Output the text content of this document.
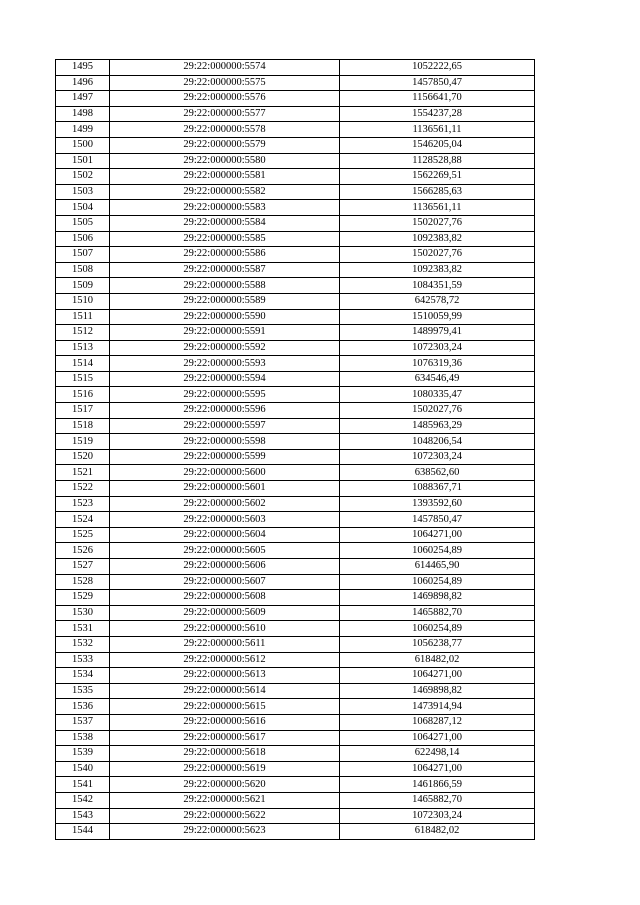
1495	29:22:000000:5574	1052222,65
1496	29:22:000000:5575	1457850,47
1497	29:22:000000:5576	1156641,70
1498	29:22:000000:5577	1554237,28
1499	29:22:000000:5578	1136561,11
1500	29:22:000000:5579	1546205,04
1501	29:22:000000:5580	1128528,88
1502	29:22:000000:5581	1562269,51
1503	29:22:000000:5582	1566285,63
1504	29:22:000000:5583	1136561,11
1505	29:22:000000:5584	1502027,76
1506	29:22:000000:5585	1092383,82
1507	29:22:000000:5586	1502027,76
1508	29:22:000000:5587	1092383,82
1509	29:22:000000:5588	1084351,59
1510	29:22:000000:5589	642578,72
1511	29:22:000000:5590	1510059,99
1512	29:22:000000:5591	1489979,41
1513	29:22:000000:5592	1072303,24
1514	29:22:000000:5593	1076319,36
1515	29:22:000000:5594	634546,49
1516	29:22:000000:5595	1080335,47
1517	29:22:000000:5596	1502027,76
1518	29:22:000000:5597	1485963,29
1519	29:22:000000:5598	1048206,54
1520	29:22:000000:5599	1072303,24
1521	29:22:000000:5600	638562,60
1522	29:22:000000:5601	1088367,71
1523	29:22:000000:5602	1393592,60
1524	29:22:000000:5603	1457850,47
1525	29:22:000000:5604	1064271,00
1526	29:22:000000:5605	1060254,89
1527	29:22:000000:5606	614465,90
1528	29:22:000000:5607	1060254,89
1529	29:22:000000:5608	1469898,82
1530	29:22:000000:5609	1465882,70
1531	29:22:000000:5610	1060254,89
1532	29:22:000000:5611	1056238,77
1533	29:22:000000:5612	618482,02
1534	29:22:000000:5613	1064271,00
1535	29:22:000000:5614	1469898,82
1536	29:22:000000:5615	1473914,94
1537	29:22:000000:5616	1068287,12
1538	29:22:000000:5617	1064271,00
1539	29:22:000000:5618	622498,14
1540	29:22:000000:5619	1064271,00
1541	29:22:000000:5620	1461866,59
1542	29:22:000000:5621	1465882,70
1543	29:22:000000:5622	1072303,24
1544	29:22:000000:5623	618482,02
